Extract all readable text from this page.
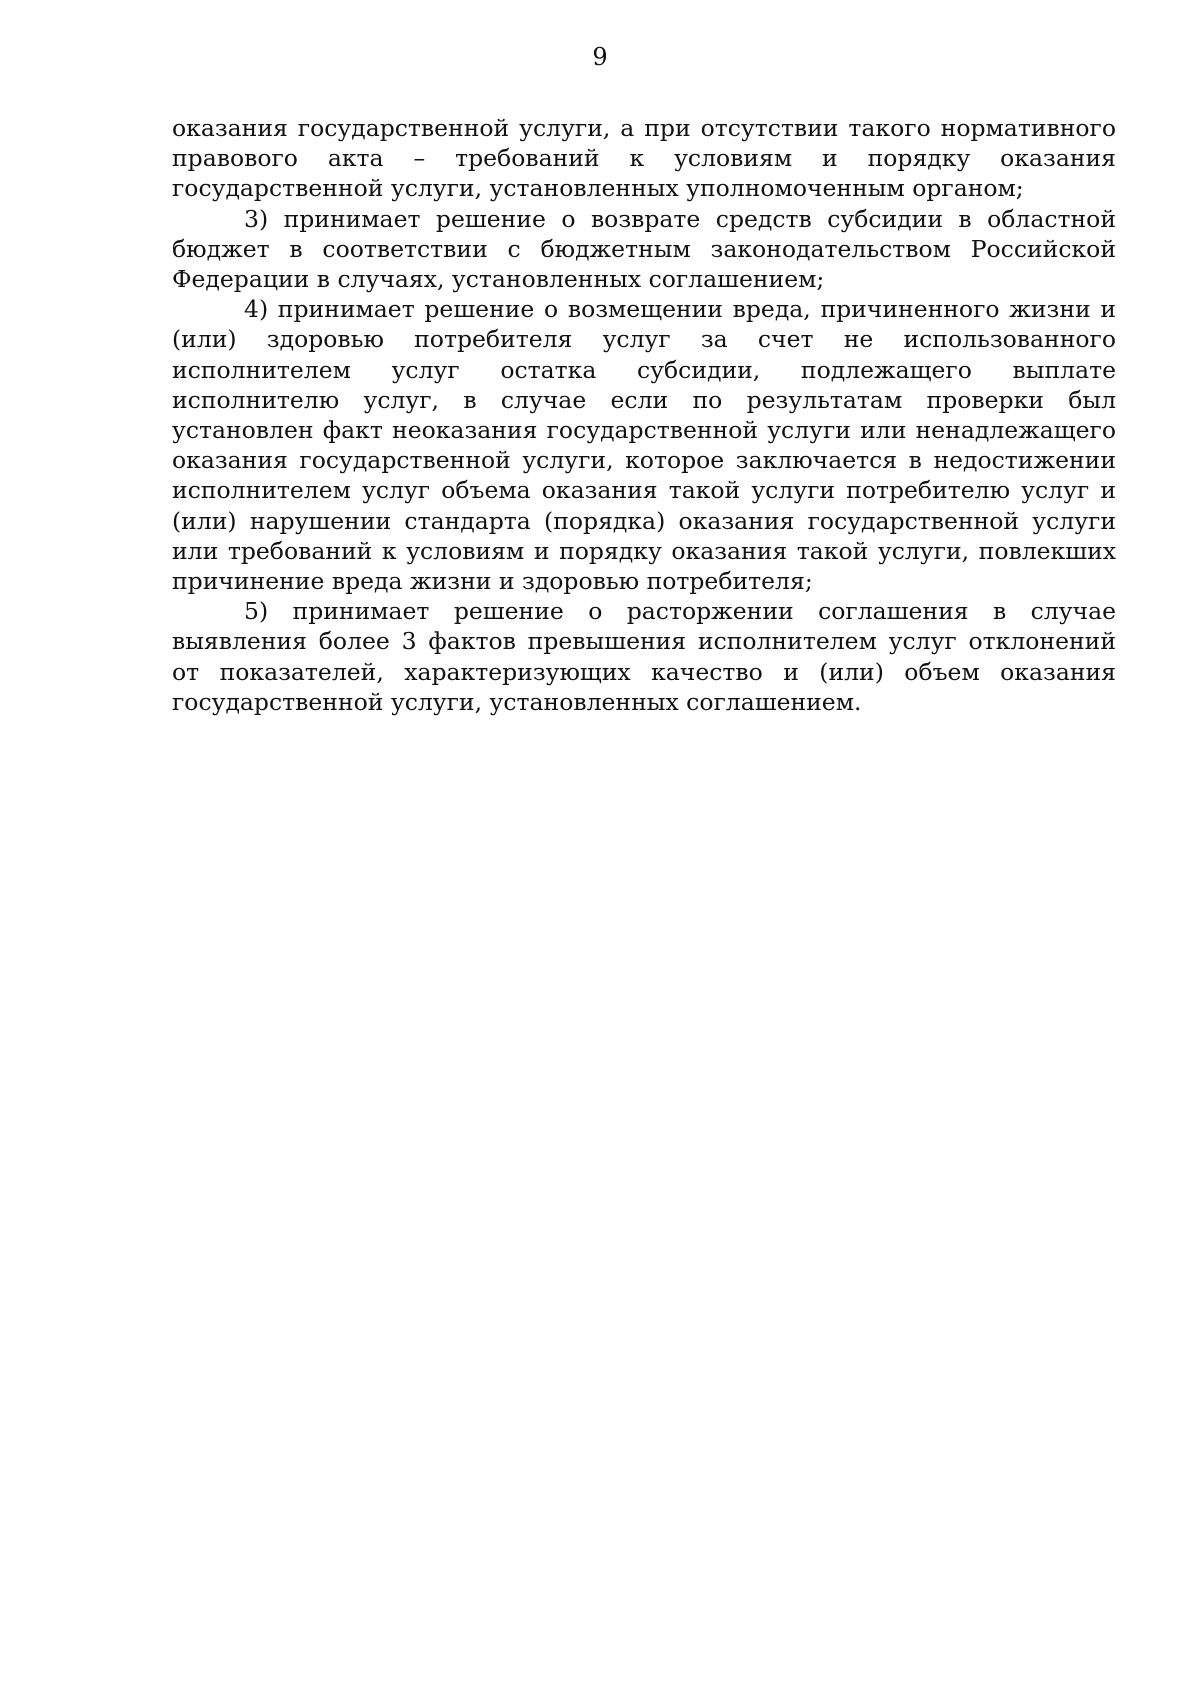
9

оказания государственной услуги, а при отсутствии такого нормативного правового акта – требований к условиям и порядку оказания государственной услуги, установленных уполномоченным органом;

3) принимает решение о возврате средств субсидии в областной бюджет в соответствии с бюджетным законодательством Российской Федерации в случаях, установленных соглашением;

4) принимает решение о возмещении вреда, причиненного жизни и (или) здоровью потребителя услуг за счет не использованного исполнителем услуг остатка субсидии, подлежащего выплате исполнителю услуг, в случае если по результатам проверки был установлен факт неоказания государственной услуги или ненадлежащего оказания государственной услуги, которое заключается в недостижении исполнителем услуг объема оказания такой услуги потребителю услуг и (или) нарушении стандарта (порядка) оказания государственной услуги или требований к условиям и порядку оказания такой услуги, повлекших причинение вреда жизни и здоровью потребителя;

5) принимает решение о расторжении соглашения в случае выявления более 3 фактов превышения исполнителем услуг отклонений от показателей, характеризующих качество и (или) объем оказания государственной услуги, установленных соглашением.
